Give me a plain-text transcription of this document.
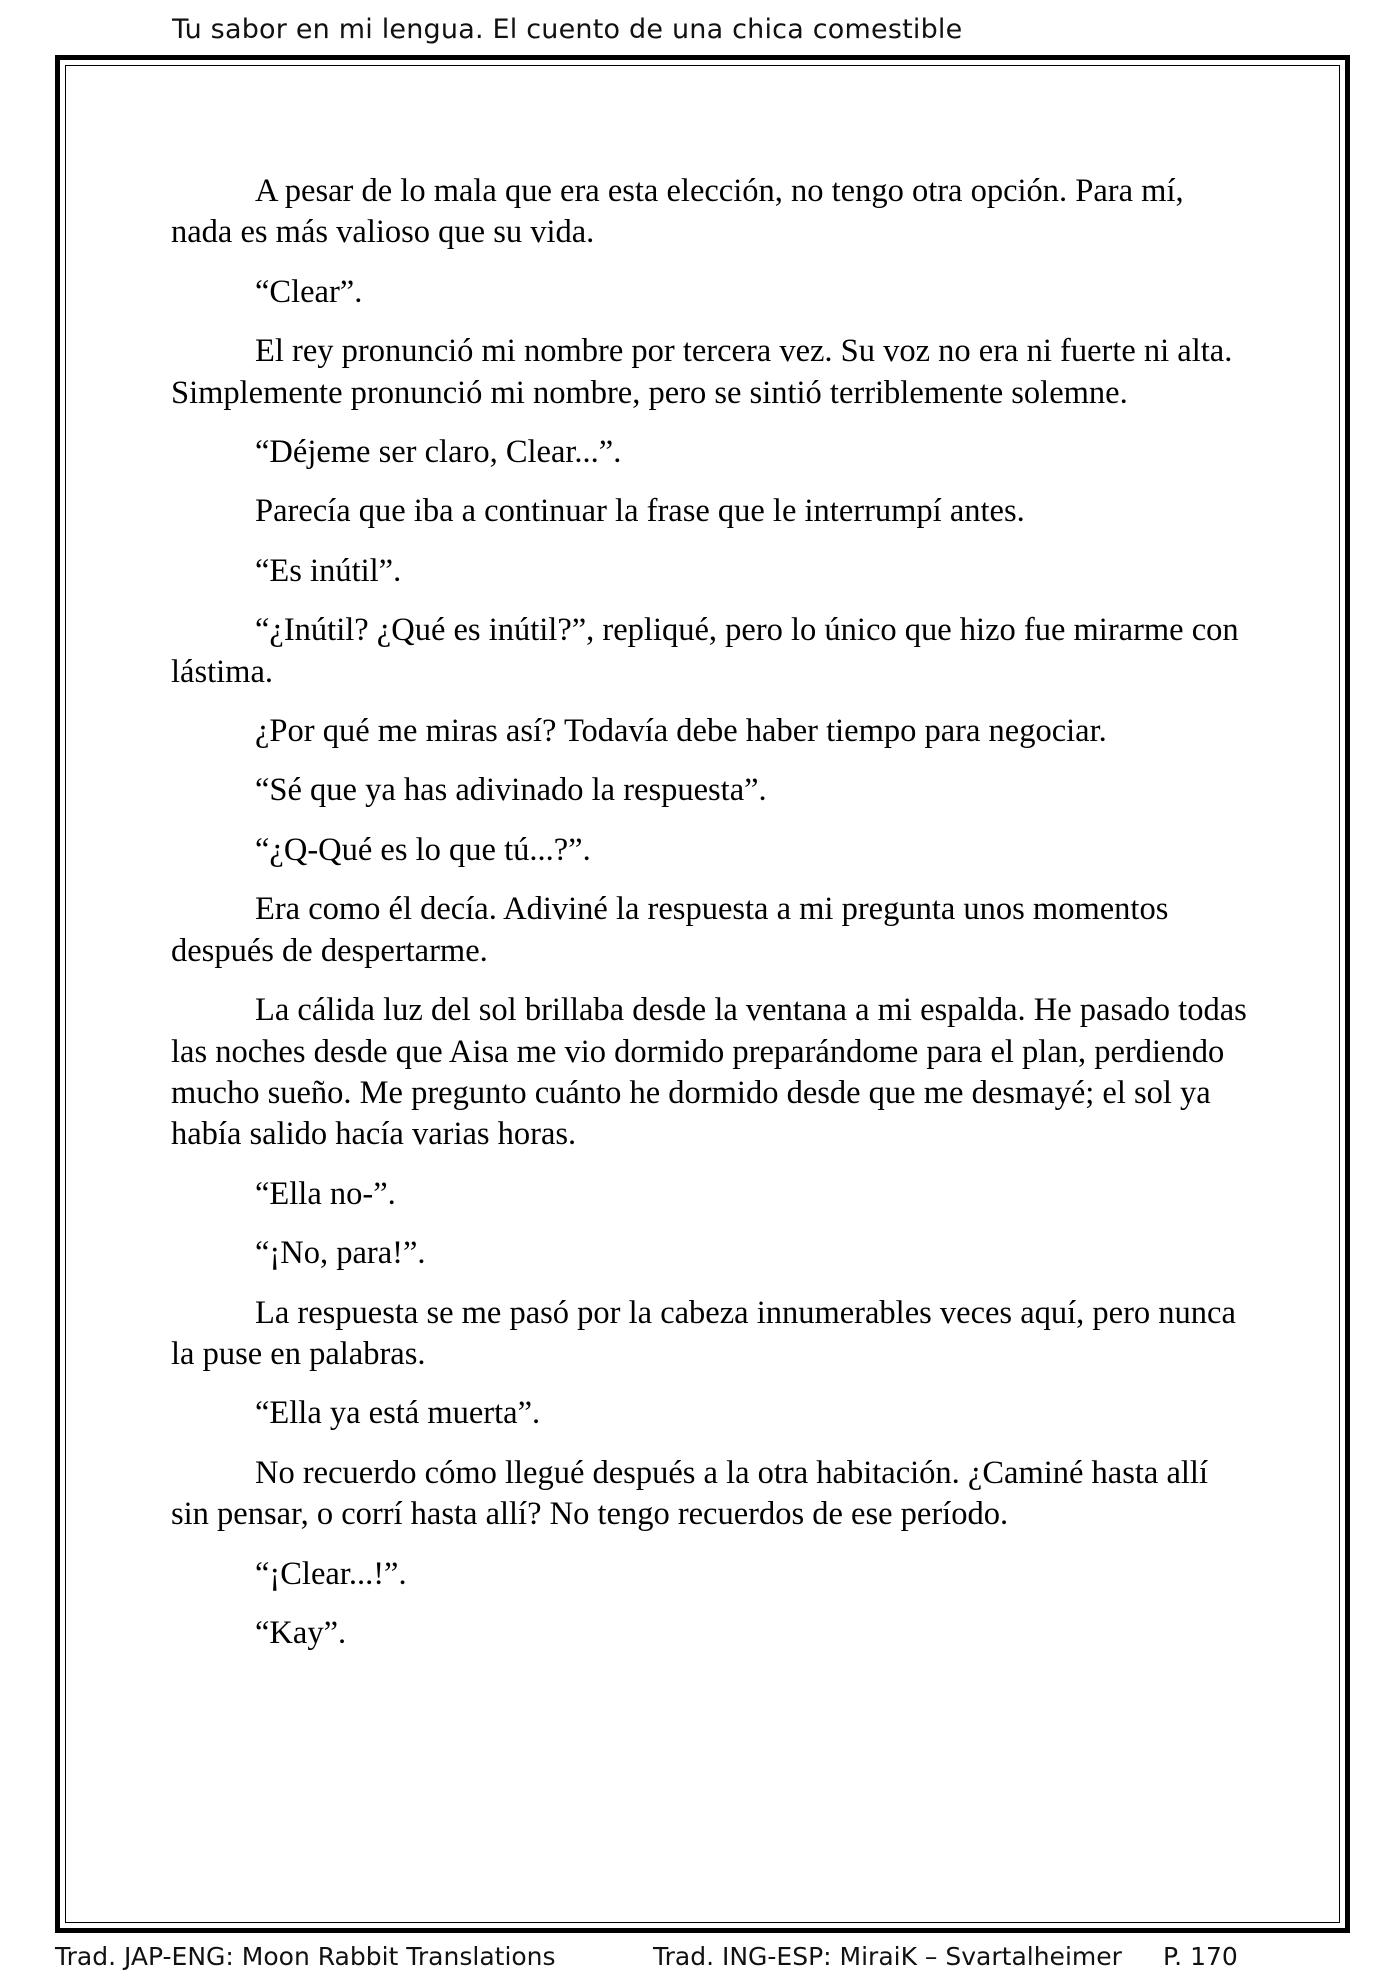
Tu sabor en mi lengua. El cuento de una chica comestible

A pesar de lo mala que era esta elección, no tengo otra opción. Para mí, nada es más valioso que su vida.

“Clear”.

El rey pronunció mi nombre por tercera vez. Su voz no era ni fuerte ni alta. Simplemente pronunció mi nombre, pero se sintió terriblemente solemne.

“Déjeme ser claro, Clear...”.

Parecía que iba a continuar la frase que le interrumpí antes.

“Es inútil”.

“¿Inútil? ¿Qué es inútil?”, repliqué, pero lo único que hizo fue mirarme con lástima.

¿Por qué me miras así? Todavía debe haber tiempo para negociar.

“Sé que ya has adivinado la respuesta”.

“¿Q-Qué es lo que tú...?”.

Era como él decía. Adiviné la respuesta a mi pregunta unos momentos después de despertarme.

La cálida luz del sol brillaba desde la ventana a mi espalda. He pasado todas las noches desde que Aisa me vio dormido preparándome para el plan, perdiendo mucho sueño. Me pregunto cuánto he dormido desde que me desmayé; el sol ya había salido hacía varias horas.

“Ella no-”.

“¡No, para!”.

La respuesta se me pasó por la cabeza innumerables veces aquí, pero nunca la puse en palabras.

“Ella ya está muerta”.

No recuerdo cómo llegué después a la otra habitación. ¿Caminé hasta allí sin pensar, o corrí hasta allí? No tengo recuerdos de ese período.

“¡Clear...!”.

“Kay”.

Trad. JAP-ENG: Moon Rabbit Translations	Trad. ING-ESP: MiraiK – Svartalheimer P. 170
